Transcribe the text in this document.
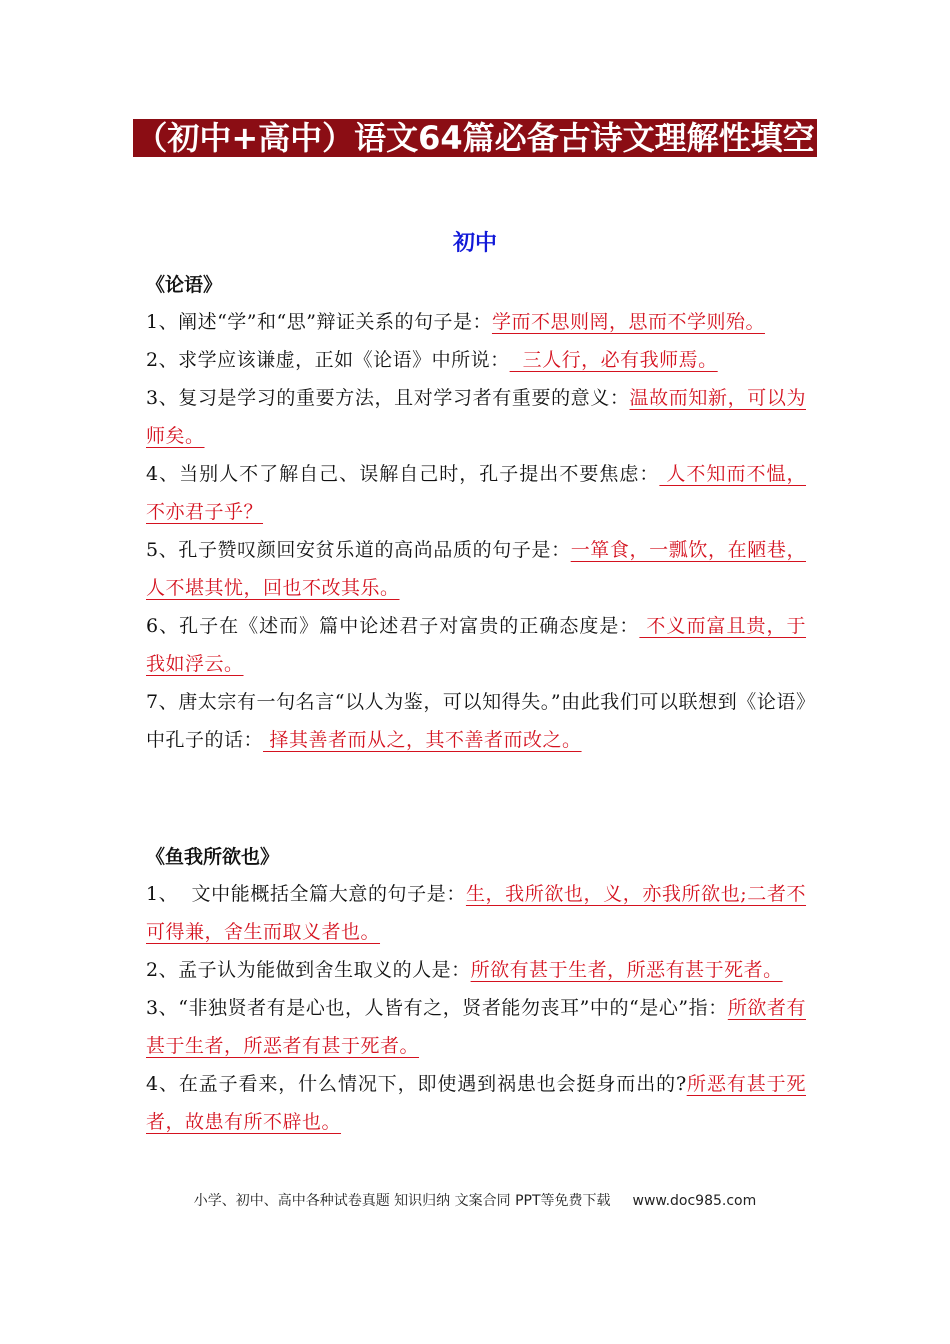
（初中+高中）语文64篇必备古诗文理解性填空
初中
《论语》
1、阐述“学”和“思”辩证关系的句子是：学而不思则罔，思而不学则殆。
2、求学应该谦虚，正如《论语》中所说：  三人行，必有我师焉。
3、复习是学习的重要方法，且对学习者有重要的意义：温故而知新，可以为师矣。
4、当别人不了解自己、误解自己时，孔子提出不要焦虑： 人不知而不愠，不亦君子乎？
5、孔子赞叹颜回安贫乐道的高尚品质的句子是：一箪食，一瓢饮，在陋巷，人不堪其忧，回也不改其乐。
6、孔子在《述而》篇中论述君子对富贵的正确态度是： 不义而富且贵，于我如浮云。
7、唐太宗有一句名言“以人为鉴，可以知得失。”由此我们可以联想到《论语》中孔子的话： 择其善者而从之，其不善者而改之。
《鱼我所欲也》
1、  文中能概括全篇大意的句子是：生，我所欲也，义，亦我所欲也;二者不可得兼，舍生而取义者也。
2、孟子认为能做到舍生取义的人是：所欲有甚于生者，所恶有甚于死者。
3、“非独贤者有是心也，人皆有之，贤者能勿丧耳”中的“是心”指：所欲者有甚于生者，所恶者有甚于死者。
4、在孟子看来，什么情况下，即使遇到祸患也会挺身而出的?所恶有甚于死者，故患有所不辟也。
小学、初中、高中各种试卷真题 知识归纳 文案合同 PPT等免费下载 www.doc985.com
